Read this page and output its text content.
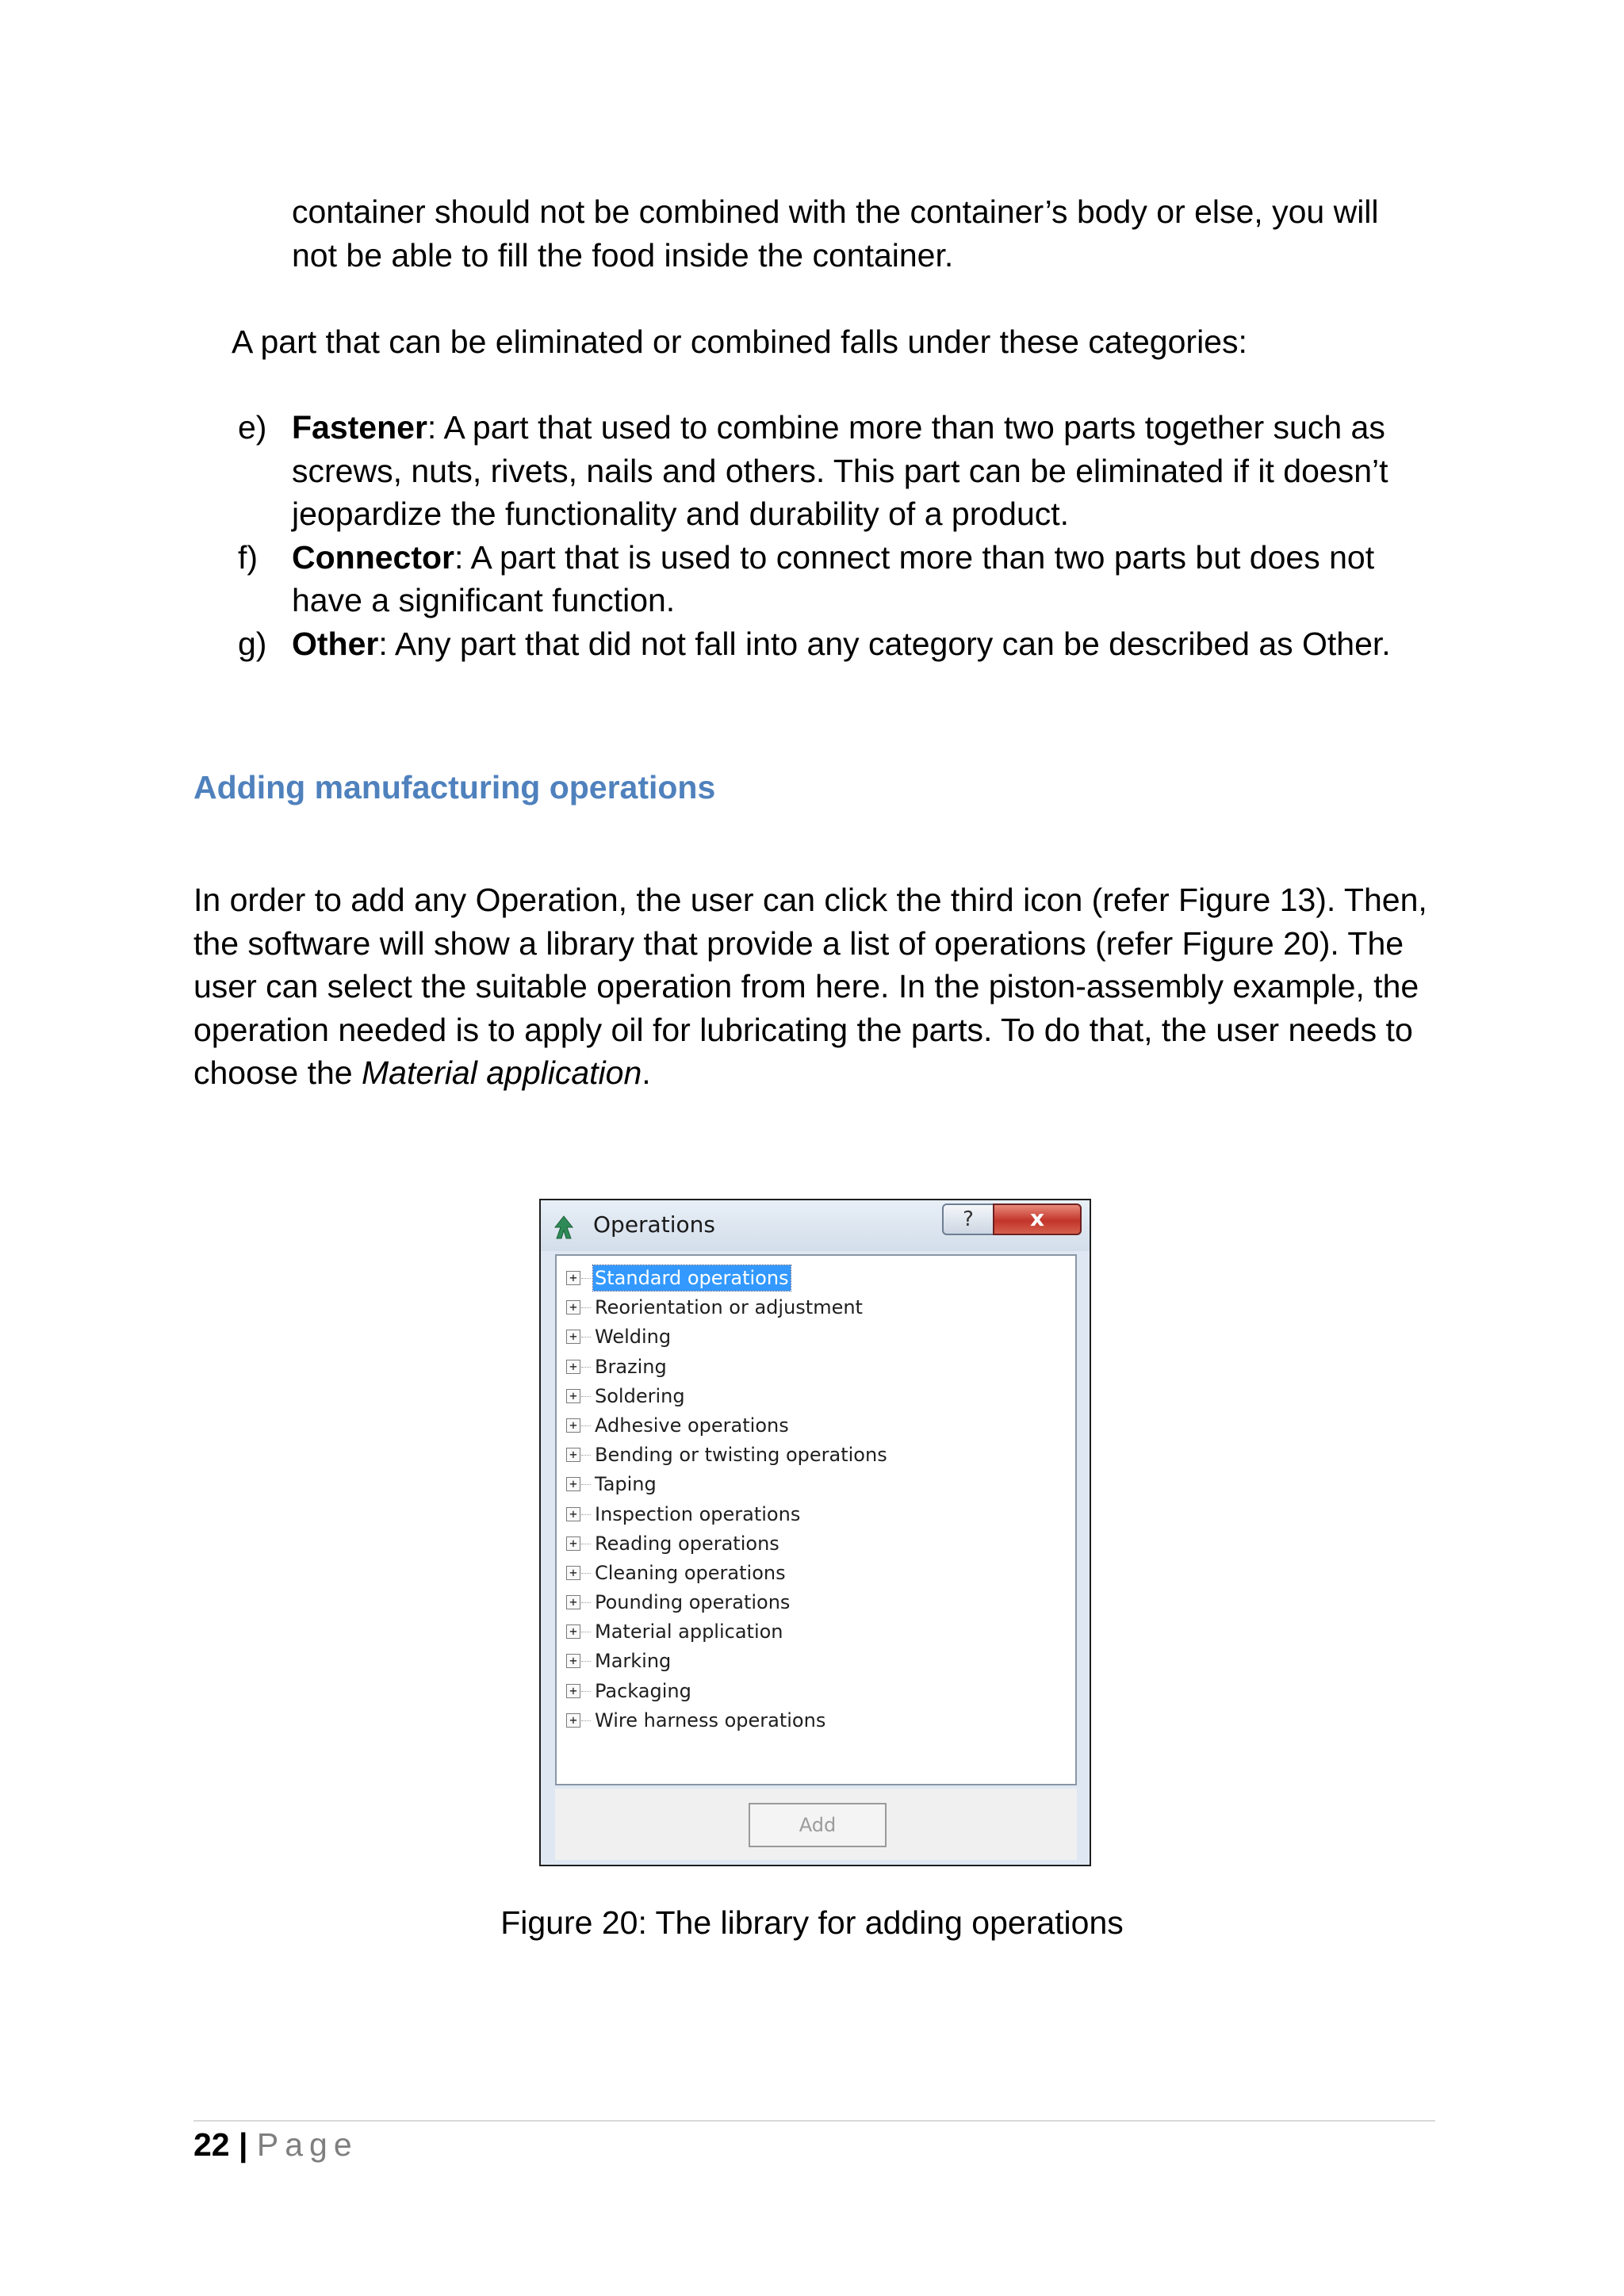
container should not be combined with the container’s body or else, you will not be able to fill the food inside the container.

A part that can be eliminated or combined falls under these categories:

e) Fastener: A part that used to combine more than two parts together such as screws, nuts, rivets, nails and others. This part can be eliminated if it doesn’t jeopardize the functionality and durability of a product.
f) Connector: A part that is used to connect more than two parts but does not have a significant function.
g) Other: Any part that did not fall into any category can be described as Other.
Adding manufacturing operations

In order to add any Operation, the user can click the third icon (refer Figure 13). Then, the software will show a library that provide a list of operations (refer Figure 20). The user can select the suitable operation from here. In the piston-assembly example, the operation needed is to apply oil for lubricating the parts. To do that, the user needs to choose the Material application.

Operations	?	x
+ Standard operations
+ Reorientation or adjustment
+ Welding
+ Brazing
+ Soldering
+ Adhesive operations
+ Bending or twisting operations
+ Taping
+ Inspection operations
+ Reading operations
+ Cleaning operations
+ Pounding operations
+ Material application
+ Marking
+ Packaging
+ Wire harness operations
Add

Figure 20: The library for adding operations

22 | Page
